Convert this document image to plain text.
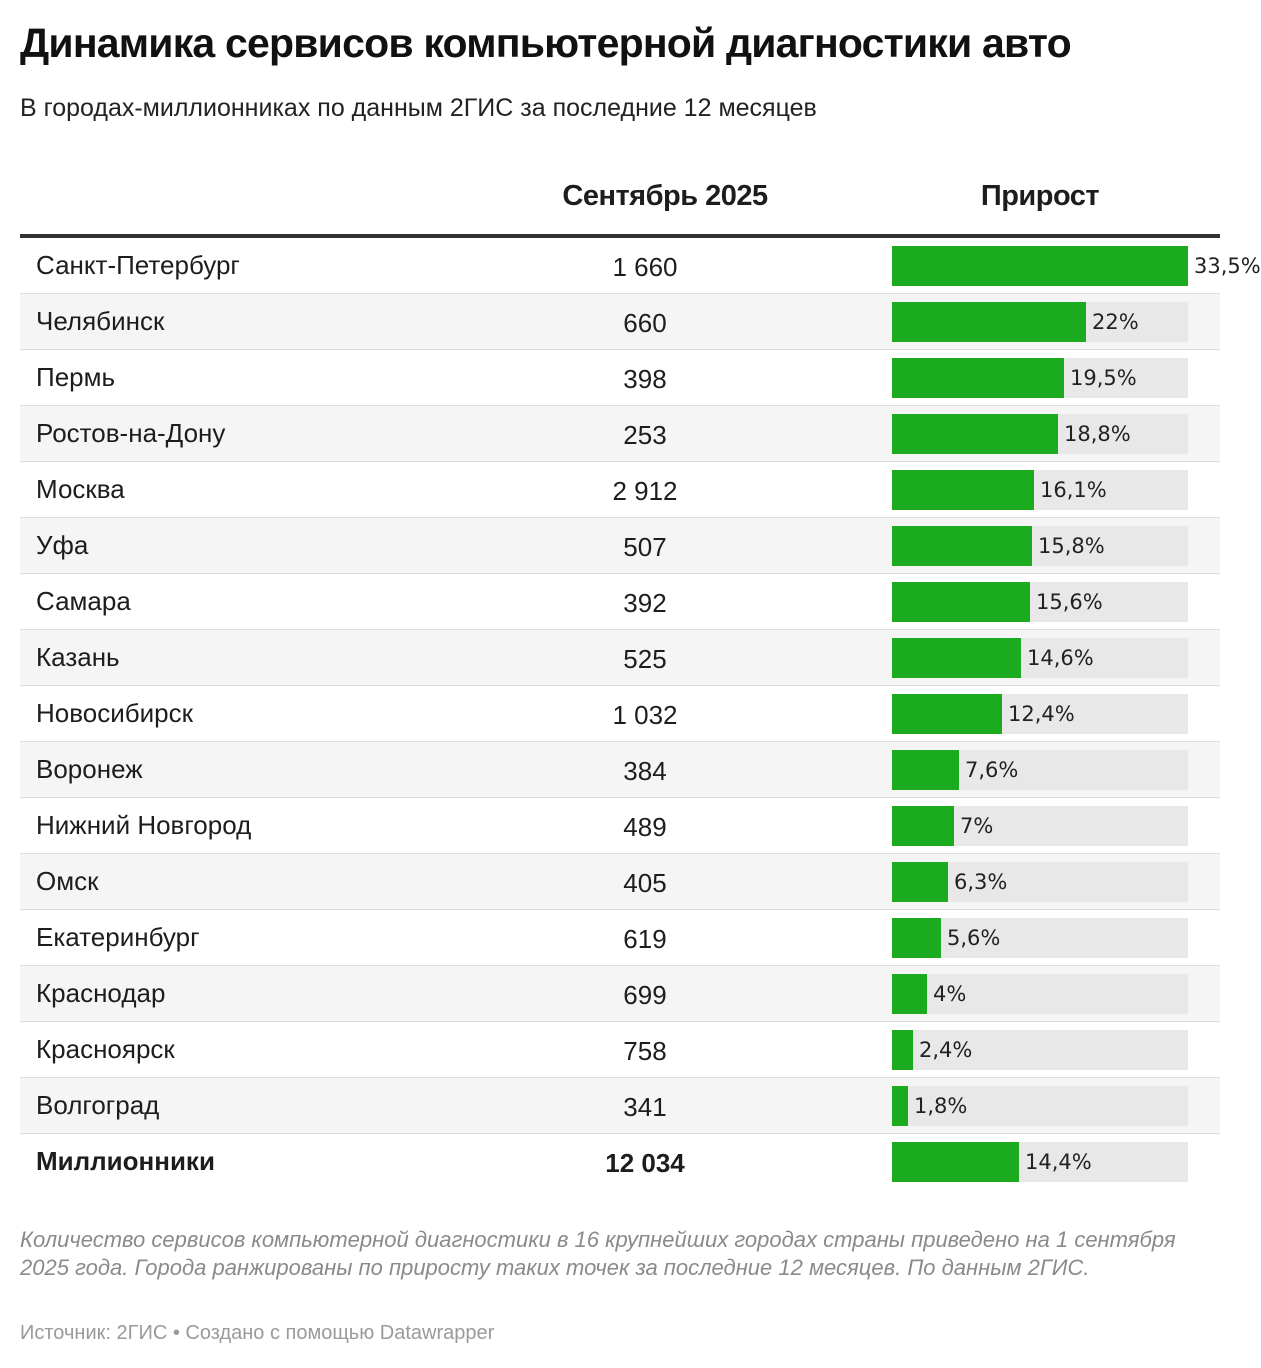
Динамика сервисов компьютерной диагностики авто
В городах-миллионниках по данным 2ГИС за последние 12 месяцев
Сентябрь 2025	Прирост
Санкт-Петербург	1 660	33,5%
Челябинск	660	22%
Пермь	398	19,5%
Ростов-на-Дону	253	18,8%
Москва	2 912	16,1%
Уфа	507	15,8%
Самара	392	15,6%
Казань	525	14,6%
Новосибирск	1 032	12,4%
Воронеж	384	7,6%
Нижний Новгород	489	7%
Омск	405	6,3%
Екатеринбург	619	5,6%
Краснодар	699	4%
Красноярск	758	2,4%
Волгоград	341	1,8%
Миллионники	12 034	14,4%
Количество сервисов компьютерной диагностики в 16 крупнейших городах страны приведено на 1 сентября 2025 года. Города ранжированы по приросту таких точек за последние 12 месяцев. По данным 2ГИС.
Источник: 2ГИС • Создано с помощью Datawrapper
